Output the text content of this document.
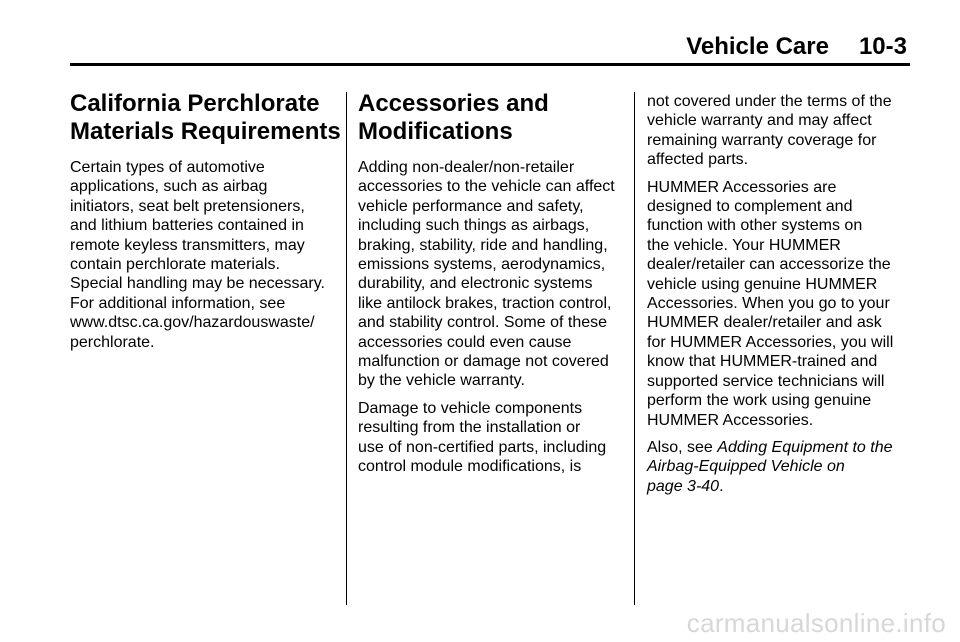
Vehicle Care 10-3
California Perchlorate
Materials Requirements

Certain types of automotive
applications, such as airbag
initiators, seat belt pretensioners,
and lithium batteries contained in
remote keyless transmitters, may
contain perchlorate materials.
Special handling may be necessary.
For additional information, see
www.dtsc.ca.gov/hazardouswaste/
perchlorate.

Accessories and
Modifications

Adding non-dealer/non-retailer
accessories to the vehicle can affect
vehicle performance and safety,
including such things as airbags,
braking, stability, ride and handling,
emissions systems, aerodynamics,
durability, and electronic systems
like antilock brakes, traction control,
and stability control. Some of these
accessories could even cause
malfunction or damage not covered
by the vehicle warranty.

Damage to vehicle components
resulting from the installation or
use of non-certified parts, including
control module modifications, is

not covered under the terms of the
vehicle warranty and may affect
remaining warranty coverage for
affected parts.

HUMMER Accessories are
designed to complement and
function with other systems on
the vehicle. Your HUMMER
dealer/retailer can accessorize the
vehicle using genuine HUMMER
Accessories. When you go to your
HUMMER dealer/retailer and ask
for HUMMER Accessories, you will
know that HUMMER-trained and
supported service technicians will
perform the work using genuine
HUMMER Accessories.

Also, see Adding Equipment to the
Airbag-Equipped Vehicle on
page 3-40.

carmanualsonline.info
